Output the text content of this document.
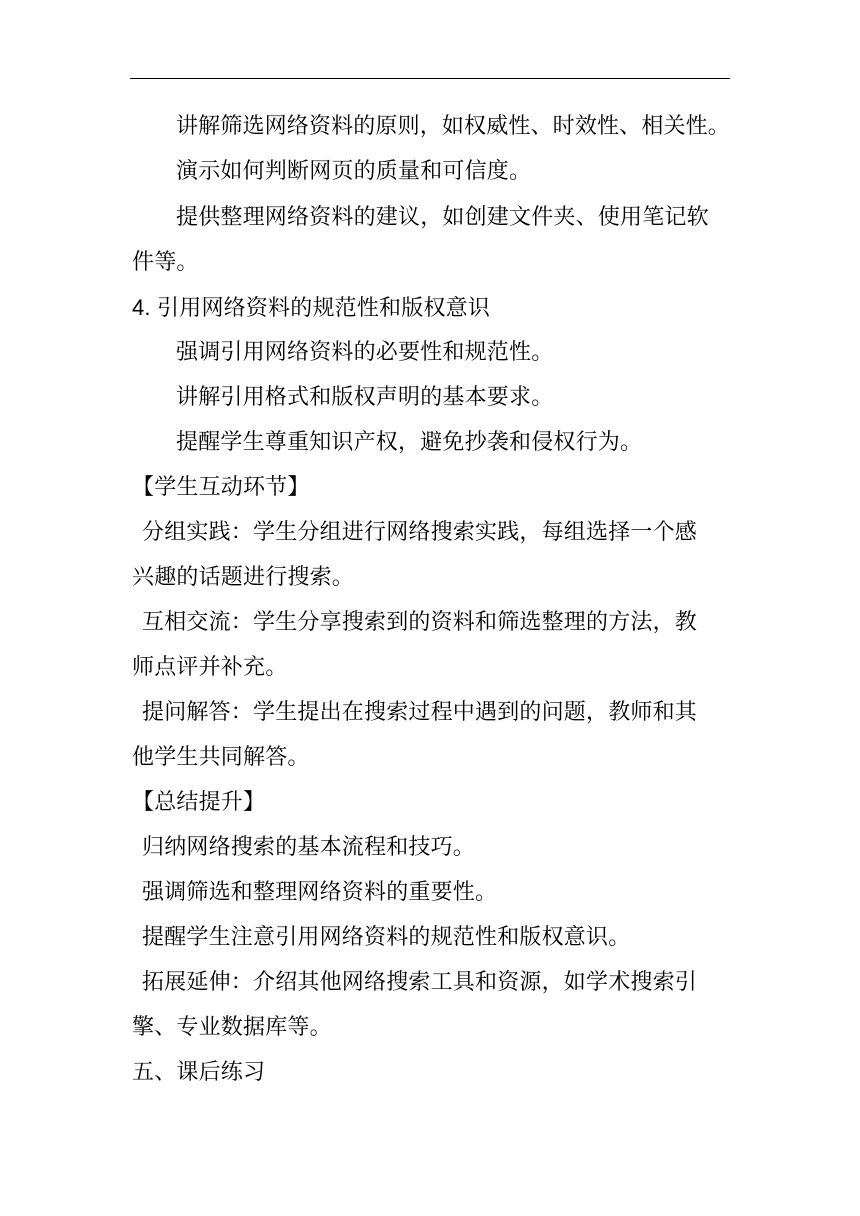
讲解筛选网络资料的原则，如权威性、时效性、相关性。
演示如何判断网页的质量和可信度。
提供整理网络资料的建议，如创建文件夹、使用笔记软
件等。
4. 引用网络资料的规范性和版权意识
强调引用网络资料的必要性和规范性。
讲解引用格式和版权声明的基本要求。
提醒学生尊重知识产权，避免抄袭和侵权行为。
【学生互动环节】
分组实践：学生分组进行网络搜索实践，每组选择一个感
兴趣的话题进行搜索。
互相交流：学生分享搜索到的资料和筛选整理的方法，教
师点评并补充。
提问解答：学生提出在搜索过程中遇到的问题，教师和其
他学生共同解答。
【总结提升】
归纳网络搜索的基本流程和技巧。
强调筛选和整理网络资料的重要性。
提醒学生注意引用网络资料的规范性和版权意识。
拓展延伸：介绍其他网络搜索工具和资源，如学术搜索引
擎、专业数据库等。
五、课后练习
